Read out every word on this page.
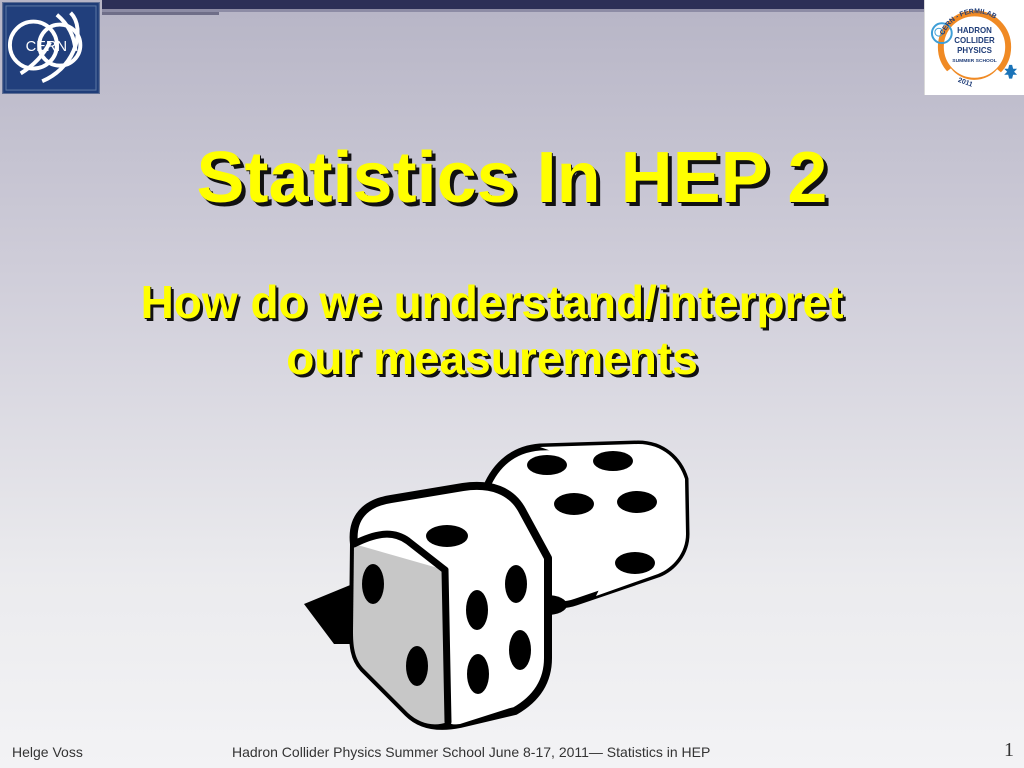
CERN
CERN - FERMILAB
HADRON
COLLIDER
PHYSICS
SUMMER SCHOOL
2011
Statistics In HEP 2
How do we understand/interpret
our measurements
Helge Voss	Hadron Collider Physics Summer School June 8-17, 2011— Statistics in HEP	1
